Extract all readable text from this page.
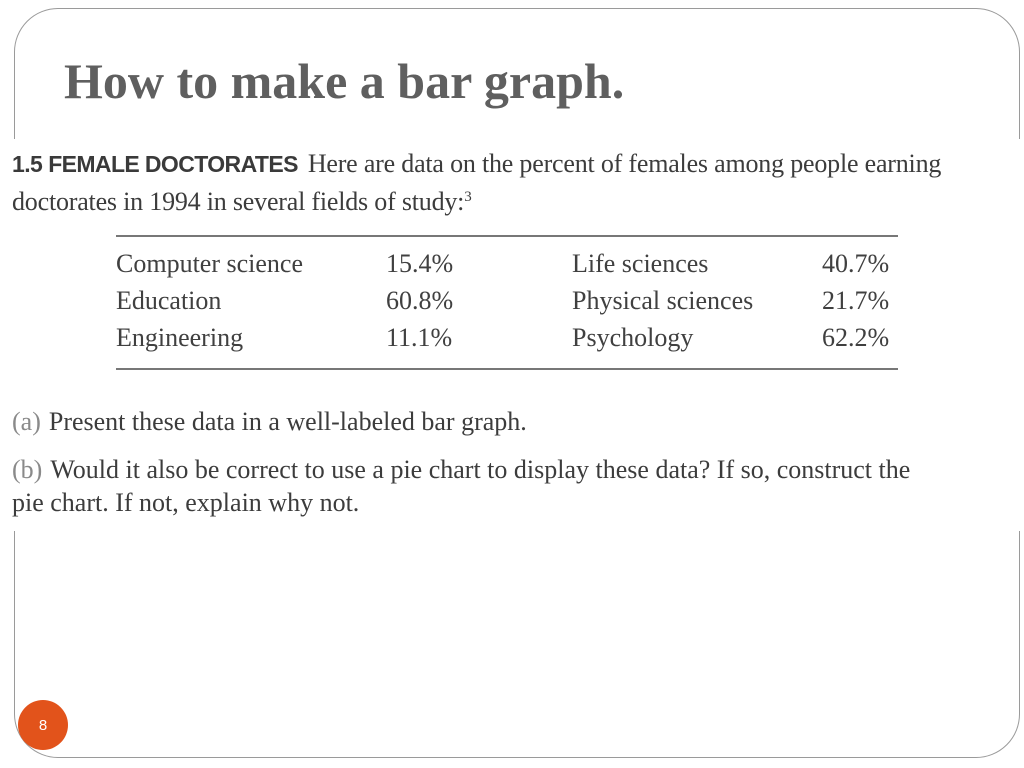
How to make a bar graph.
1.5 FEMALE DOCTORATES Here are data on the percent of females among people earning
doctorates in 1994 in several fields of study:$^3$
Computer science	15.4%	Life sciences	40.7%
Education	60.8%	Physical sciences	21.7%
Engineering	11.1%	Psychology	62.2%
(a) Present these data in a well-labeled bar graph.
(b) Would it also be correct to use a pie chart to display these data? If so, construct the
pie chart. If not, explain why not.
8
